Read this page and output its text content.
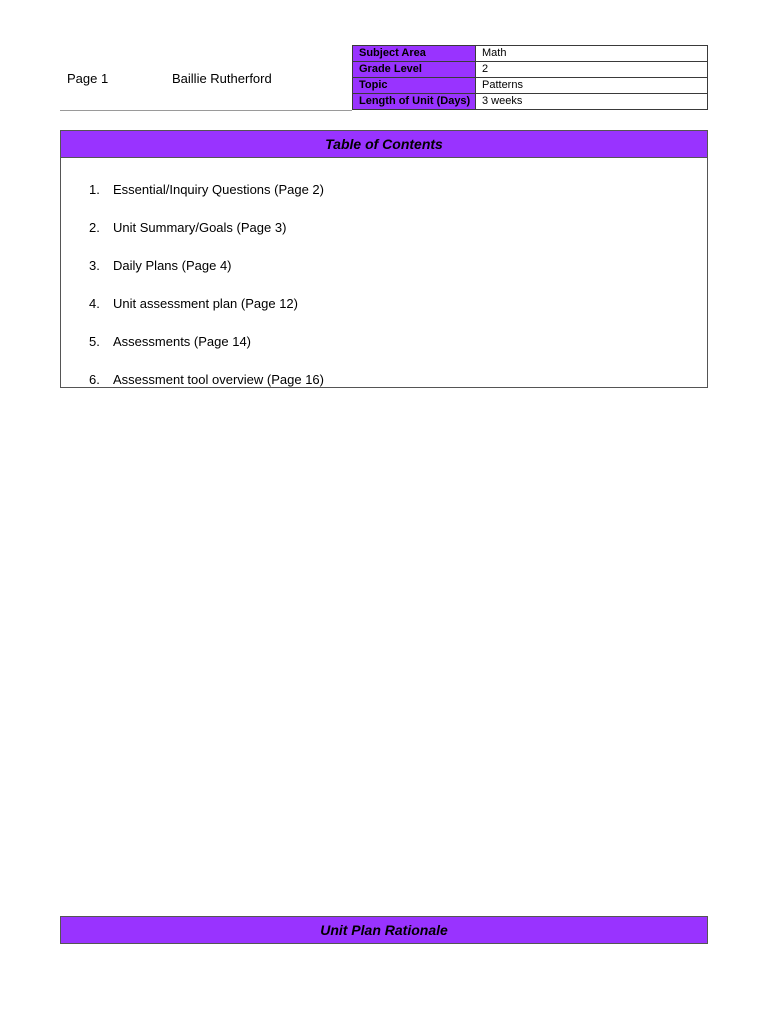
Page 1	Baillie Rutherford
Subject Area	Math
Grade Level	2
Topic	Patterns
Length of Unit (Days)	3 weeks
Table of Contents
1. Essential/Inquiry Questions (Page 2)
2. Unit Summary/Goals (Page 3)
3. Daily Plans (Page 4)
4. Unit assessment plan (Page 12)
5. Assessments (Page 14)
6. Assessment tool overview (Page 16)
Unit Plan Rationale
